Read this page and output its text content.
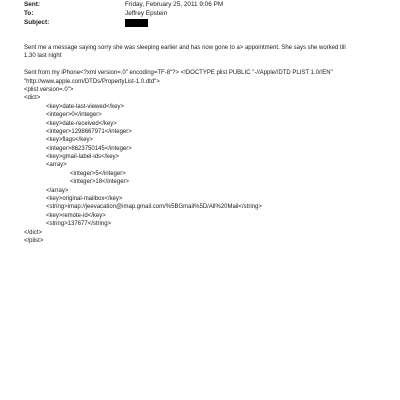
Sent:	Friday, February 25, 2011 9:06 PM
To:	Jeffrey Epstein
Subject:
Sent me a message saying sorry she was sleeping earlier and has now gone to a> appointment. She says she worked till
1.30 last night
Sent from my iPhone<?xml version=.0" encoding=TF-8"?> <!DOCTYPE plist PUBLIC "-//Apple//DTD PLIST 1.0//EN"
"http://www.apple.com/DTDs/PropertyList-1.0.dtd">
<plist version=.0">
<dict>
<key>date-last-viewed</key>
<integer>0</integer>
<key>date-received</key>
<integer>1298667971</integer>
<key>flags</key>
<integer>8623750145</integer>
<key>gmail-label-ids</key>
<array>
<integer>5</integer>
<integer>18</integer>
</array>
<key>original-mailbox</key>
<string>imap://jeevacation@imap.gmail.com/%5BGmail%5D/All%20Mail</string>
<key>remote-id</key>
<string>137677</string>
</dict>
</plist>
